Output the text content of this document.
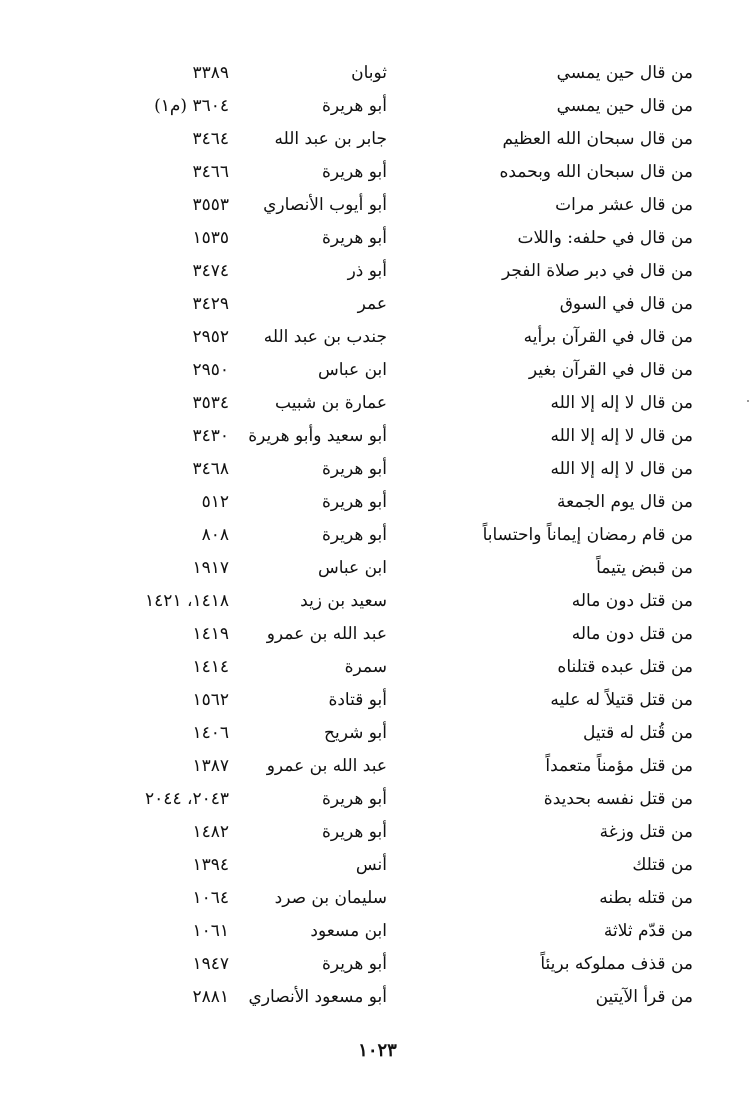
من قال حين يمسي
ثوبان
٣٣٨٩
من قال حين يمسي
أبو هريرة
٣٦٠٤ (م١)
من قال سبحان الله العظيم
جابر بن عبد الله
٣٤٦٤
من قال سبحان الله وبحمده
أبو هريرة
٣٤٦٦
من قال عشر مرات
أبو أيوب الأنصاري
٣٥٥٣
من قال في حلفه: واللات
أبو هريرة
١٥٣٥
من قال في دبر صلاة الفجر
أبو ذر
٣٤٧٤
من قال في السوق
عمر
٣٤٢٩
من قال في القرآن برأيه
جندب بن عبد الله
٢٩٥٢
من قال في القرآن بغير
ابن عباس
٢٩٥٠
من قال لا إله إلا الله
عمارة بن شبيب
٣٥٣٤
من قال لا إله إلا الله
أبو سعيد وأبو هريرة
٣٤٣٠
من قال لا إله إلا الله
أبو هريرة
٣٤٦٨
من قال يوم الجمعة
أبو هريرة
٥١٢
من قام رمضان إيماناً واحتساباً
أبو هريرة
٨٠٨
من قبض يتيماً
ابن عباس
١٩١٧
من قتل دون ماله
سعيد بن زيد
١٤١٨، ١٤٢١
من قتل دون ماله
عبد الله بن عمرو
١٤١٩
من قتل عبده قتلناه
سمرة
١٤١٤
من قتل قتيلاً له عليه
أبو قتادة
١٥٦٢
من قُتل له قتيل
أبو شريح
١٤٠٦
من قتل مؤمناً متعمداً
عبد الله بن عمرو
١٣٨٧
من قتل نفسه بحديدة
أبو هريرة
٢٠٤٣، ٢٠٤٤
من قتل وزغة
أبو هريرة
١٤٨٢
من قتلك
أنس
١٣٩٤
من قتله بطنه
سليمان بن صرد
١٠٦٤
من قدّم ثلاثة
ابن مسعود
١٠٦١
من قذف مملوكه بريئاً
أبو هريرة
١٩٤٧
من قرأ الآيتين
أبو مسعود الأنصاري
٢٨٨١
١٠٢٣
